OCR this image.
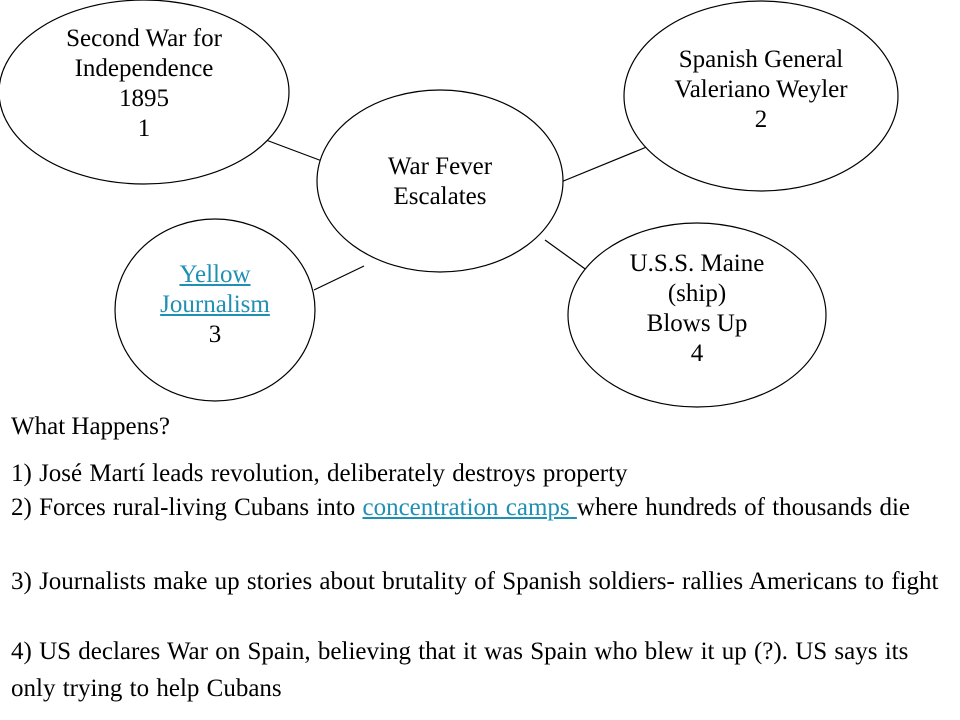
Second War for
Independence
1895
1
Spanish General
Valeriano Weyler
2
War Fever
Escalates
Yellow
Journalism
3
U.S.S. Maine
(ship)
Blows Up
4
What Happens?
1) José Martí leads revolution, deliberately destroys property
2) Forces rural-living Cubans into concentration camps where hundreds of thousands die
3) Journalists make up stories about brutality of Spanish soldiers- rallies Americans to fight
4) US declares War on Spain, believing that it was Spain who blew it up (?). US says its only trying to help Cubans
